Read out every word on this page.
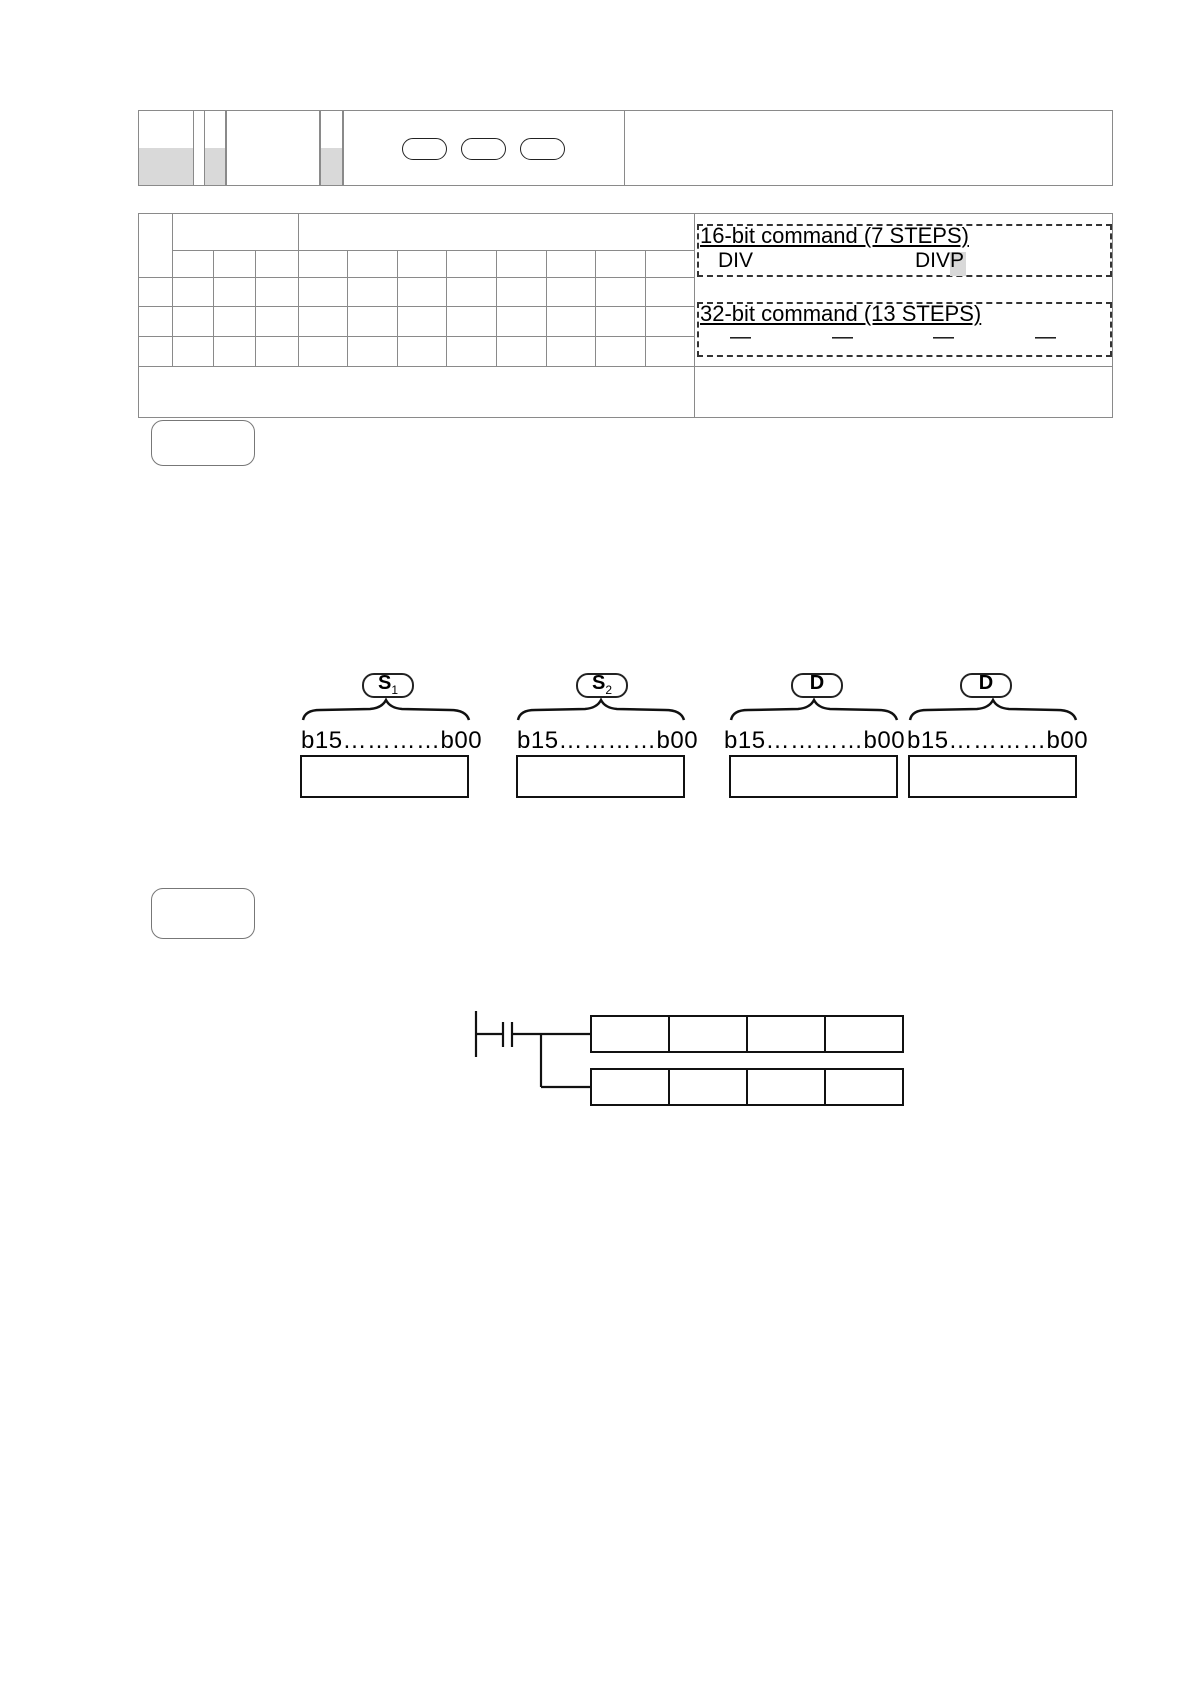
16-bit command (7 STEPS)
DIV	DIVP
32-bit command (13 STEPS)
—	—	—	—
$S_1$	$S_2$	D	D
b15…………b00 b15…………b00 b15…………b00 b15…………b00
